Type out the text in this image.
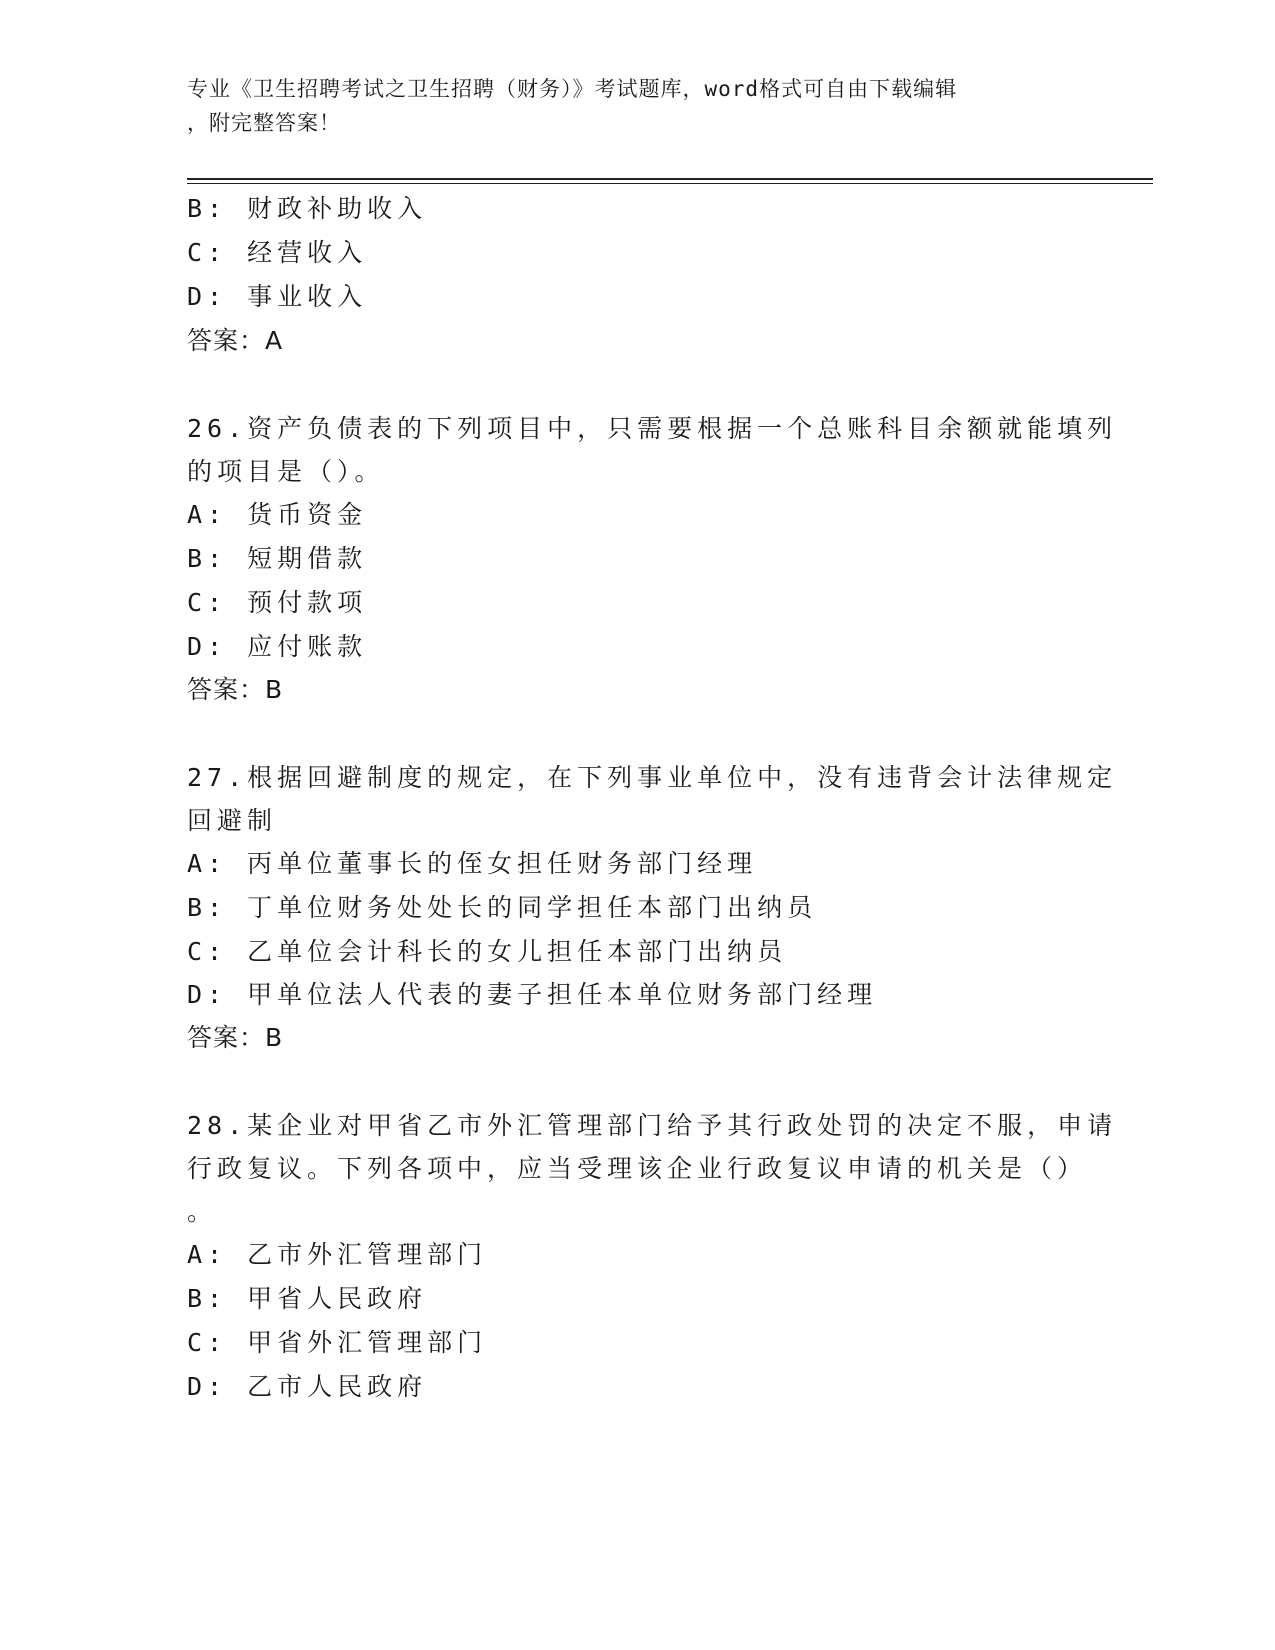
专业《卫生招聘考试之卫生招聘（财务）》考试题库，word格式可自由下载编辑
，附完整答案！
B: 财政补助收入
C: 经营收入
D: 事业收入
答案：A
26.资产负债表的下列项目中，只需要根据一个总账科目余额就能填列
的项目是（）。
A: 货币资金
B: 短期借款
C: 预付款项
D: 应付账款
答案：B
27.根据回避制度的规定，在下列事业单位中，没有违背会计法律规定
回避制
A: 丙单位董事长的侄女担任财务部门经理
B: 丁单位财务处处长的同学担任本部门出纳员
C: 乙单位会计科长的女儿担任本部门出纳员
D: 甲单位法人代表的妻子担任本单位财务部门经理
答案：B
28.某企业对甲省乙市外汇管理部门给予其行政处罚的决定不服，申请
行政复议。下列各项中，应当受理该企业行政复议申请的机关是（）
。
A: 乙市外汇管理部门
B: 甲省人民政府
C: 甲省外汇管理部门
D: 乙市人民政府
